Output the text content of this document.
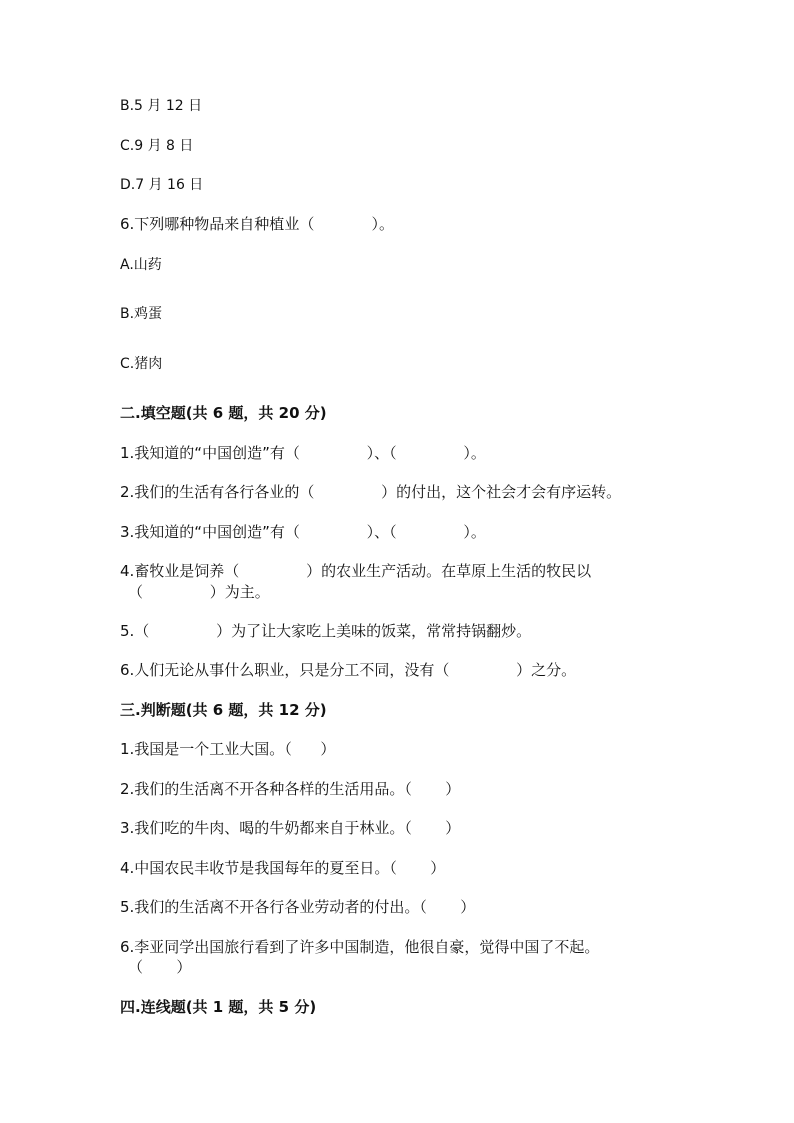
B.5 月 12 日
C.9 月 8 日
D.7 月 16 日
6.下列哪种物品来自种植业（            ）。
A.山药
B.鸡蛋
C.猪肉
二.填空题(共 6 题，共 20 分)
1.我知道的“中国创造”有（              ）、（              ）。
2.我们的生活有各行各业的（              ）的付出，这个社会才会有序运转。
3.我知道的“中国创造”有（              ）、（              ）。
4.畜牧业是饲养（              ）的农业生产活动。在草原上生活的牧民以
（              ）为主。
5.（              ）为了让大家吃上美味的饭菜，常常持锅翻炒。
6.人们无论从事什么职业，只是分工不同，没有（              ）之分。
三.判断题(共 6 题，共 12 分)
1.我国是一个工业大国。（      ）
2.我们的生活离不开各种各样的生活用品。（       ）
3.我们吃的牛肉、喝的牛奶都来自于林业。（       ）
4.中国农民丰收节是我国每年的夏至日。（       ）
5.我们的生活离不开各行各业劳动者的付出。（       ）
6.李亚同学出国旅行看到了许多中国制造，他很自豪，觉得中国了不起。
（       ）
四.连线题(共 1 题，共 5 分)
